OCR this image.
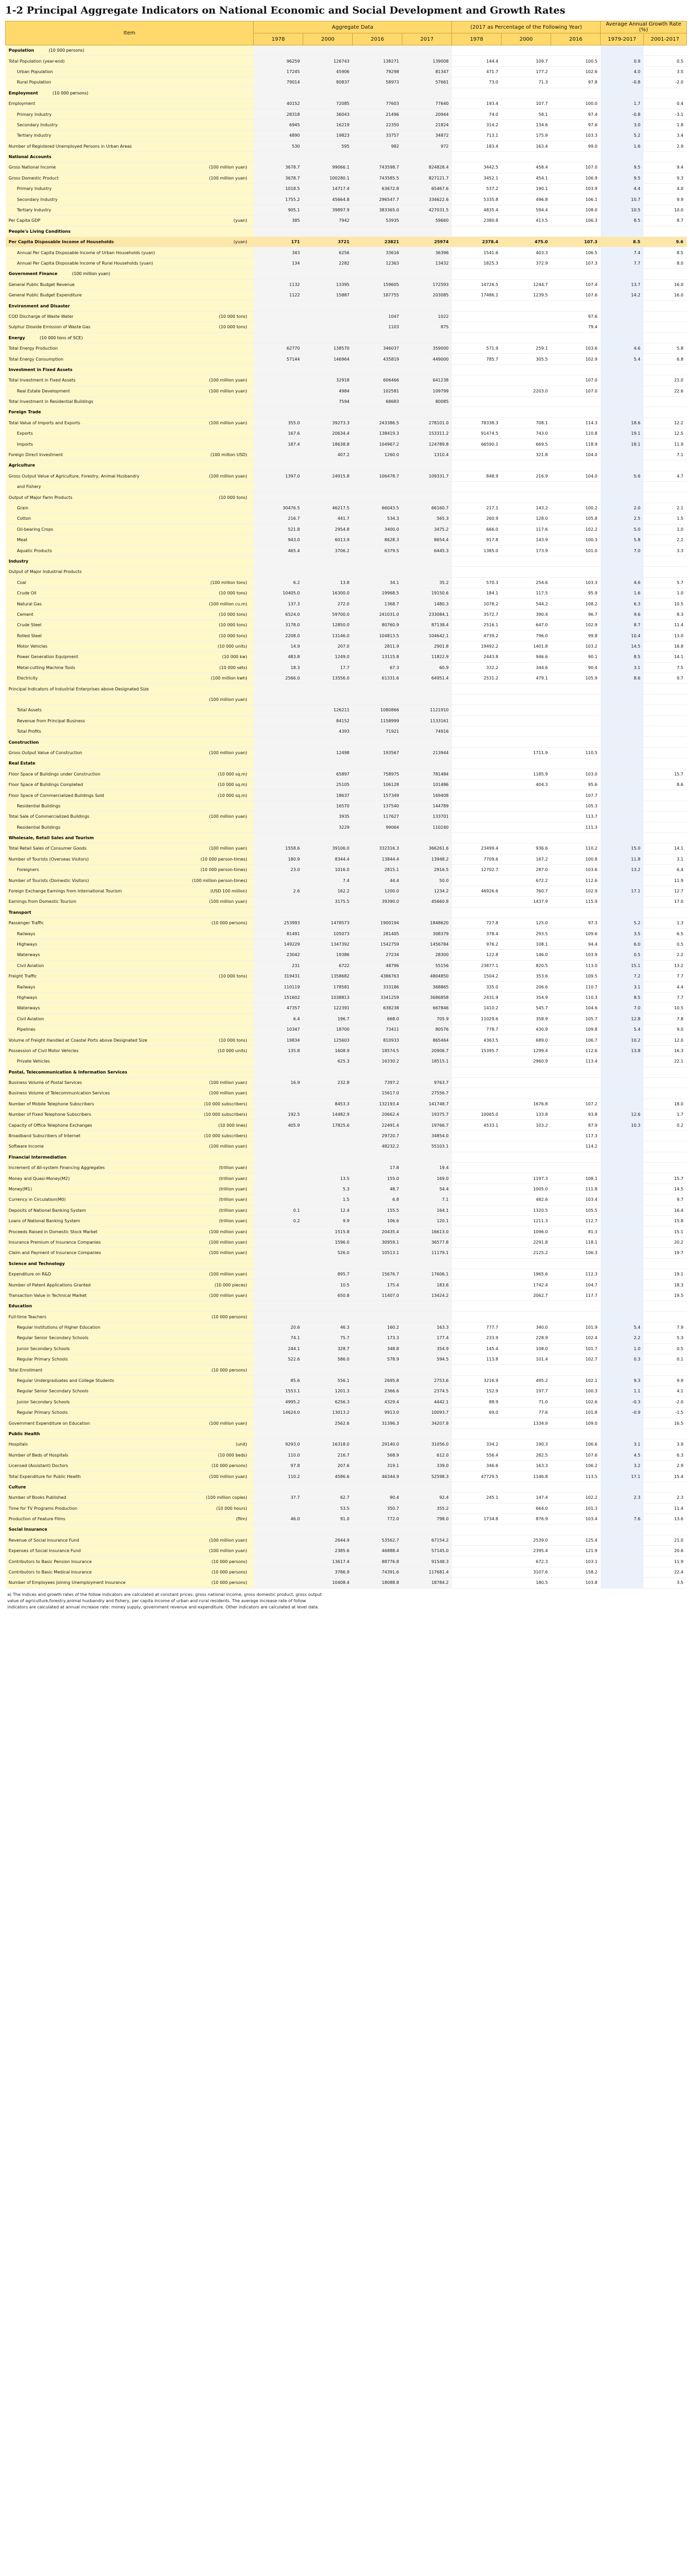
1-2 Principal Aggregate Indicators on National Economic and Social Development and Growth Rates
Item	Aggregate Data				(2017 as Percentage of the Following Year)			Average Annual Growth Rate (%)	
	1978	2000	2016	2017	1978	2000	2016	1979-2017	2001-2017
Population (10 000 persons)									
Total Population (year-end)	96259	126743	138271	139008	144.4	109.7	100.5	0.9	0.5
Urban Population	17245	45906	79298	81347	471.7	177.2	102.6	4.0	3.5
Rural Population	79014	80837	58973	57661	73.0	71.3	97.8	-0.8	-2.0
Employment (10 000 persons)									
Employment	40152	72085	77603	77640	193.4	107.7	100.0	1.7	0.4
Primary Industry	28318	36043	21496	20944	74.0	58.1	97.4	-0.8	-3.1
Secondary Industry	6945	16219	22350	21824	314.2	134.6	97.6	3.0	1.8
Tertiary Industry	4890	19823	33757	34872	713.1	175.9	103.3	5.2	3.4
Number of Registered Unemployed Persons in Urban Areas	530	595	982	972	183.4	163.4	99.0	1.6	2.9
National Accounts									

(100 million yuan)
Gross National Income	3678.7	99066.1	743598.7	824828.4	3442.5	458.4	107.0	9.5	9.4

(100 million yuan)
Gross Domestic Product	3678.7	100280.1	743585.5	827121.7	3452.1	454.1	106.9	9.5	9.3
Primary Industry	1018.5	14717.4	63672.8	65467.6	537.2	190.1	103.9	4.4	4.0
Secondary Industry	1755.2	45664.8	296547.7	334622.6	5335.8	496.8	106.1	10.7	9.9
Tertiary Industry	905.1	39897.9	383365.0	427031.5	4835.4	594.4	108.0	10.5	10.0

(yuan)
Per Capita GDP	385	7942	53935	59660	2380.8	413.5	106.3	8.5	8.7
People's Living Conditions									

(yuan)
Per Capita Disposable Income of Households	171	3721	23821	25974	2378.4	475.0	107.3	8.5	9.6
Annual Per Capita Disposable Income of Urban Households (yuan)	343	6256	33616	36396	1541.6	403.3	106.5	7.4	8.5
Annual Per Capita Disposable Income of Rural Households (yuan)	134	2282	12363	13432	1825.3	372.9	107.3	7.7	8.0
Government Finance (100 million yuan)									
General Public Budget Revenue	1132	13395	159605	172593	14726.5	1244.7	107.4	13.7	16.0
General Public Budget Expenditure	1122	15887	187755	203085	17486.1	1239.5	107.6	14.2	16.0
Environment and Disaster									

(10 000 tons)
COD Discharge of Waste Water			1047	1022			97.6		

(10 000 tons)
Sulphur Dioxide Emission of Waste Gas			1103	875			79.4		
Energy (10 000 tons of SCE)									
Total Energy Production	62770	138570	346037	359000	571.9	259.1	103.6	4.6	5.8
Total Energy Consumption	57144	146964	435819	449000	785.7	305.5	102.9	5.4	6.8
Investment in Fixed Assets									

(100 million yuan)
Total Investment in Fixed Assets		32918	606466	641238			107.0		21.0

(100 million yuan)
Real Estate Development		4984	102581	109799		2203.0	107.0		22.6
Total Investment in Residential Buildings		7594	68683	80085					
Foreign Trade									

(100 million yuan)
Total Value of Imports and Exports	355.0	39273.3	243386.5	278101.0	78338.3	708.1	114.3	18.6	12.2
Exports	167.6	20634.4	138419.3	153311.2	91474.5	743.0	110.8	19.1	12.5
Imports	187.4	18638.8	104967.2	124789.8	66590.1	669.5	118.9	18.1	11.9

(100 million USD)
Foreign Direct Investment		407.2	1260.0	1310.4		321.8	104.0		7.1
Agriculture									

(100 million yuan)
Gross Output Value of Agriculture, Forestry, Animal Husbandry	1397.0	24915.8	106478.7	109331.7	848.9	216.9	104.0	5.6	4.7
and Fishery									

(10 000 tons)
Output of Major Farm Products									
Grain	30476.5	46217.5	66043.5	66160.7	217.1	143.2	100.2	2.0	2.1
Cotton	216.7	441.7	534.3	565.3	260.9	128.0	105.8	2.5	1.5
Oil-bearing Crops	521.8	2954.8	3400.0	3475.2	666.0	117.6	102.2	5.0	1.0
Meat	943.0	6013.9	8628.3	8654.4	917.8	143.9	100.3	5.8	2.2
Aquatic Products	465.4	3706.2	6379.5	6445.3	1385.0	173.9	101.0	7.0	3.3
Industry									
Output of Major Industrial Products									

(100 million tons)
Coal	6.2	13.8	34.1	35.2	570.3	254.6	103.3	4.6	5.7

(10 000 tons)
Crude Oil	10405.0	16300.0	19968.5	19150.6	184.1	117.5	95.9	1.6	1.0

(100 million cu.m)
Natural Gas	137.3	272.0	1368.7	1480.3	1078.2	544.2	108.2	6.3	10.5

(10 000 tons)
Cement	6524.0	59700.0	241031.0	233084.1	3572.7	390.4	96.7	9.6	8.3

(10 000 tons)
Crude Steel	3178.0	12850.0	80760.9	87138.4	2516.1	647.0	102.9	8.7	11.4

(10 000 tons)
Rolled Steel	2208.0	13146.0	104813.5	104642.1	4739.2	796.0	99.8	10.4	13.0

(10 000 units)
Motor Vehicles	14.9	207.0	2811.9	2901.8	19492.2	1401.8	103.2	14.5	16.8

(10 000 kw)
Power Generation Equipment	483.8	1249.0	13115.8	11822.9	2443.8	946.6	90.1	8.5	14.1

(10 000 sets)
Metal-cutting Machine Tools	18.3	17.7	67.3	60.9	332.2	344.6	90.4	3.1	7.5

(100 million kwh)
Electricity	2566.0	13556.0	61331.6	64951.4	2531.2	479.1	105.9	8.6	9.7
Principal Indicators of Industrial Enterprises above Designated Size									

(100 million yuan)									

Total Assets		126211	1080866	1121910					
Revenue from Principal Business		84152	1158999	1133161					
Total Profits		4393	71921	74916					
Construction									

(100 million yuan)
Gross Output Value of Construction		12498	193567	213944		1711.9	110.5		
Real Estate									

(10 000 sq.m)
Floor Space of Buildings under Construction		65897	758975	781484		1185.9	103.0		15.7

(10 000 sq.m)
Floor Space of Buildings Completed		25105	106128	101486		404.3	95.6		8.6

(10 000 sq.m)
Floor Space of Commercialized Buildings Sold		18637	157349	169408			107.7		
Residential Buildings		16570	137540	144789			105.3		

(100 million yuan)
Total Sale of Commercialized Buildings		3935	117627	133701			113.7		
Residential Buildings		3229	99064	110240			111.3		
Wholesale, Retail Sales and Tourism									

(100 million yuan)
Total Retail Sales of Consumer Goods	1558.6	39106.0	332316.3	366261.6	23499.4	936.6	110.2	15.0	14.1

(10 000 person-times)
Number of Tourists (Overseas Visitors)	180.9	8344.4	13844.4	13948.2	7709.6	167.2	100.8	11.8	3.1

(10 000 person-times)
Foreigners	23.0	1016.0	2815.1	2916.5	12702.7	287.0	103.6	13.2	6.4

(100 million person-times)
Number of Tourists (Domestic Visitors)		7.4	44.4	50.0		672.2	112.6		11.9

(USD 100 million)
Foreign Exchange Earnings from International Tourism	2.6	162.2	1200.0	1234.2	46926.6	760.7	102.9	17.1	12.7

(100 million yuan)
Earnings from Domestic Tourism		3175.5	39390.0	45660.8		1437.9	115.9		17.0
Transport									

(10 000 persons)
Passenger Traffic	253993	1478573	1900194	1848620	727.8	125.0	97.3	5.2	1.3
Railways	81491	105073	281405	308379	378.4	293.5	109.6	3.5	6.5
Highways	149229	1347392	1542759	1456784	976.2	108.1	94.4	6.0	0.5
Waterways	23042	19386	27234	28300	122.8	146.0	103.9	0.5	2.2
Civil Aviation	231	6722	48796	55156	23877.1	820.5	113.0	15.1	13.2

(10 000 tons)
Freight Traffic	319431	1358682	4386763	4804850	1504.2	353.6	109.5	7.2	7.7
Railways	110119	178581	333186	368865	335.0	206.6	110.7	3.1	4.4
Highways	151602	1038813	3341259	3686858	2431.9	354.9	110.3	8.5	7.7
Waterways	47357	122391	638238	667846	1410.2	545.7	104.6	7.0	10.5
Civil Aviation	6.4	196.7	668.0	705.9	11029.6	358.9	105.7	12.8	7.8
Pipelines	10347	18700	73411	80576	778.7	430.9	109.8	5.4	9.0

(10 000 tons)
Volume of Freight Handled at Coastal Ports above Designated Size	19834	125603	810933	865464	4363.5	689.0	106.7	10.2	12.0

(10 000 units)
Possession of Civil Motor Vehicles	135.8	1608.9	18574.5	20906.7	15395.7	1299.4	112.6	13.8	16.3
Private Vehicles		625.3	16330.2	18515.1		2960.9	113.4		22.1
Postal, Telecommunication & Information Services									

(100 million yuan)
Business Volume of Postal Services	16.9	232.8	7397.2	9763.7					

(100 million yuan)
Business Volume of Telecommunication Services			15617.0	27556.7					

(10 000 subscribers)
Number of Mobile Telephone Subscribers		8453.3	132193.4	141748.7		1676.8	107.2		18.0

(10 000 subscribers)
Number of Fixed Telephone Subscribers	192.5	14482.9	20662.4	19375.7	10065.0	133.8	93.8	12.6	1.7

(10 000 lines)
Capacity of Office Telephone Exchanges	405.9	17825.6	22491.4	19766.7	4533.1	103.2	87.9	10.3	0.2

(10 000 subscribers)
Broadband Subscribers of Internet			29720.7	34854.0			117.3		

(100 million yuan)
Software Income			48232.2	55103.1			114.2		
Financial Intermediation									

(trillion yuan)
Increment of All-system Financing Aggregates			17.8	19.4					

(trillion yuan)
Money and Quasi-Money(M2)		13.5	155.0	169.0		1197.3	108.1		15.7

(trillion yuan)
Money(M1)		5.3	48.7	54.4		1005.0	111.8		14.5

(trillion yuan)
Currency in Circulation(M0)		1.5	6.8	7.1		482.6	103.4		9.7

(trillion yuan)
Deposits of National Banking System	0.1	12.4	155.5	164.1		1320.5	105.5		16.4

(trillion yuan)
Loans of National Banking System	0.2	9.9	106.6	120.1		1211.3	112.7		15.8

(100 million yuan)
Proceeds Raised in Domestic Stock Market		1515.8	20435.4	16613.0		1096.0	81.3		15.1

(100 million yuan)
Insurance Premium of Insurance Companies		1596.0	30959.1	36577.8		2291.8	118.1		20.2

(100 million yuan)
Claim and Payment of Insurance Companies		526.0	10513.1	11179.1		2125.2	106.3		19.7
Science and Technology									

(100 million yuan)
Expenditure on R&D		895.7	15676.7	17606.1		1965.6	112.3		19.1

(10 000 pieces)
Number of Patent Applications Granted		10.5	175.4	183.6		1742.4	104.7		18.3

(100 million yuan)
Transaction Value in Technical Market		650.8	11407.0	13424.2		2062.7	117.7		19.5
Education									

(10 000 persons)
Full-time Teachers									
Regular Institutions of Higher Education	20.6	46.3	160.2	163.3	777.7	340.0	101.9	5.4	7.9
Regular Senior Secondary Schools	74.1	75.7	173.3	177.4	233.9	228.9	102.4	2.2	5.3
Junior Secondary Schools	244.1	328.7	348.8	354.9	145.4	108.0	101.7	1.0	0.5
Regular Primary Schools	522.6	586.0	578.9	594.5	113.8	101.4	102.7	0.3	0.1

(10 000 persons)
Total Enrollment									
Regular Undergraduates and College Students	85.6	556.1	2695.8	2753.6	3216.9	495.2	102.1	9.3	9.9
Regular Senior Secondary Schools	1553.1	1201.3	2366.6	2374.5	152.9	197.7	100.3	1.1	4.1
Junior Secondary Schools	4995.2	6256.3	4329.4	4442.1	88.9	71.0	102.6	-0.3	-2.0
Regular Primary Schools	14624.0	13013.2	9913.0	10093.7	69.0	77.6	101.8	-0.9	-1.5

(100 million yuan)
Government Expenditure on Education		2562.6	31396.3	34207.8		1334.9	109.0		16.5
Public Health									

(unit)
Hospitals	9293.0	16318.0	29140.0	31056.0	334.2	190.3	106.6	3.1	3.9

(10 000 beds)
Number of Beds of Hospitals	110.0	216.7	568.9	612.0	556.4	282.5	107.6	4.5	6.3

(10 000 persons)
Licensed (Assistant) Doctors	97.8	207.6	319.1	339.0	346.6	163.3	106.2	3.2	2.9

(100 million yuan)
Total Expenditure for Public Health	110.2	4586.6	46344.9	52598.3	47729.5	1146.8	113.5	17.1	15.4
Culture									

(100 million copies)
Number of Books Published	37.7	62.7	90.4	92.4	245.1	147.4	102.2	2.3	2.3

(10 000 hours)
Time for TV Programs Production		53.5	350.7	355.2		664.0	101.3		11.4

(film)
Production of Feature Films	46.0	91.0	772.0	798.0	1734.8	876.9	103.4	7.6	13.6
Social Insurance									

(100 million yuan)
Revenue of Social Insurance Fund		2644.9	53562.7	67154.2		2539.0	125.4		21.0

(100 million yuan)
Expenses of Social Insurance Fund		2385.6	46888.4	57145.0		2395.4	121.9		20.6

(10 000 persons)
Contributors to Basic Pension Insurance		13617.4	88776.8	91548.3		672.3	103.1		11.9

(10 000 persons)
Contributors to Basic Medical Insurance		3786.9	74391.6	117681.4		3107.6	158.2		22.4

(10 000 persons)
Number of Employees Joining Unemployment Insurance		10408.4	18088.8	18784.2		180.5	103.8		3.5

a) The indices and growth rates of the follow indicators are calculated at constant prices: gross national income, gross domestic product, gross output

value of agriculture,forestry,animal husbandry and fishery, per capita income of urban and rural residents. The average increase rate of follow

indicators are calculated at annual increase rate: money supply, government revenue and expenditure. Other indicators are calculated at level data.
